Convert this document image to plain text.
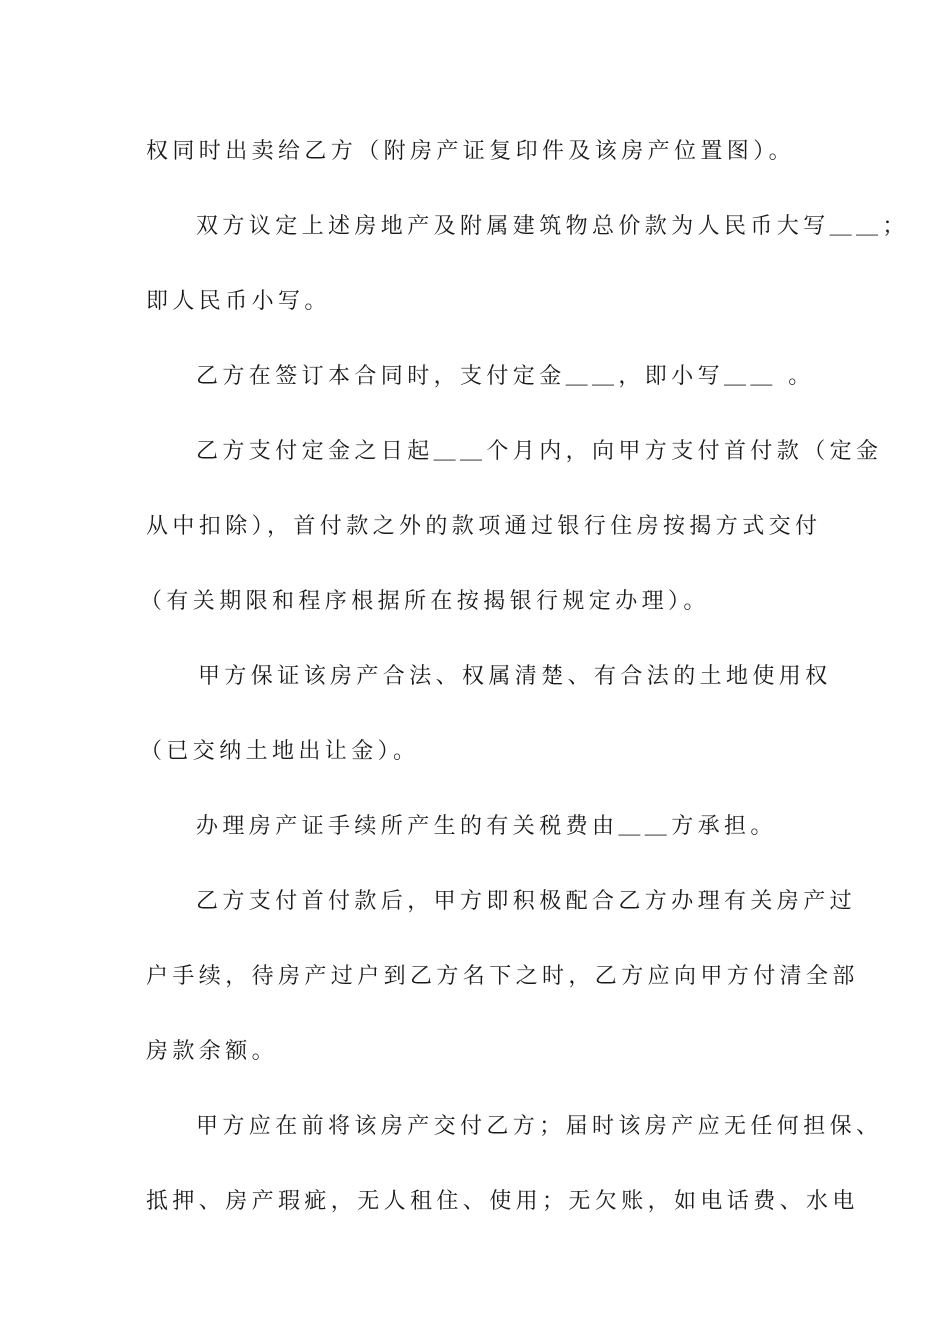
权同时出卖给乙方（附房产证复印件及该房产位置图）。
双方议定上述房地产及附属建筑物总价款为人民币大写＿＿；
即人民币小写。
乙方在签订本合同时，支付定金＿＿，即小写＿＿ 。
乙方支付定金之日起＿＿个月内，向甲方支付首付款（定金
从中扣除），首付款之外的款项通过银行住房按揭方式交付
（有关期限和程序根据所在按揭银行规定办理）。
甲方保证该房产合法、权属清楚、有合法的土地使用权
（已交纳土地出让金）。
办理房产证手续所产生的有关税费由＿＿方承担。
乙方支付首付款后，甲方即积极配合乙方办理有关房产过
户手续，待房产过户到乙方名下之时，乙方应向甲方付清全部
房款余额。
甲方应在前将该房产交付乙方；届时该房产应无任何担保、
抵押、房产瑕疵，无人租住、使用；无欠账，如电话费、水电
